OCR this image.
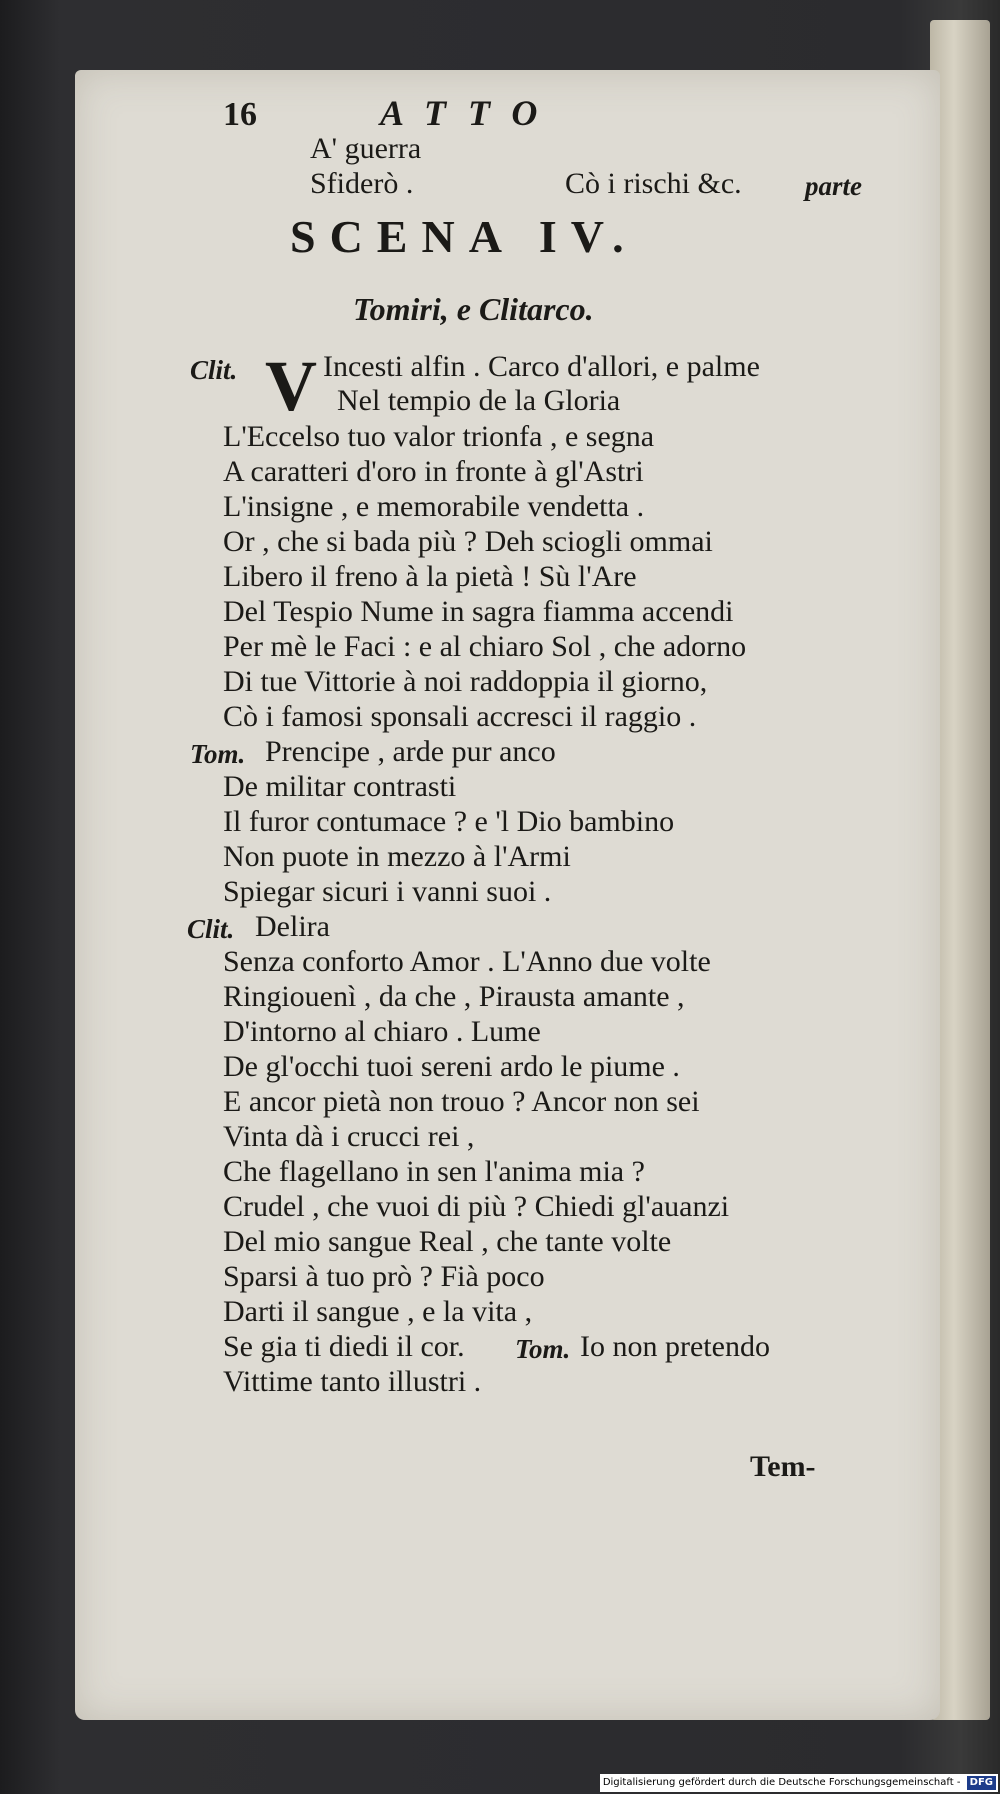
16	ATTO
A' guerra
Sfiderò .	Cò i rischi &c. parte
SCENA IV.
Tomiri, e Clitarco.
Clit. V Incesti alfin . Carco d'allori, e palme
Nel tempio de la Gloria
L'Eccelso tuo valor trionfa , e segna
A caratteri d'oro in fronte à gl'Astri
L'insigne , e memorabile vendetta .
Or , che si bada più ? Deh sciogli ommai
Libero il freno à la pietà ! Sù l'Are
Del Tespio Nume in sagra fiamma accendi
Per mè le Faci : e al chiaro Sol , che adorno
Di tue Vittorie à noi raddoppia il giorno,
Cò i famosi sponsali accresci il raggio .
Tom. Prencipe , arde pur anco
De militar contrasti
Il furor contumace ? e 'l Dio bambino
Non puote in mezzo à l'Armi
Spiegar sicuri i vanni suoi .
Clit. Delira
Senza conforto Amor . L'Anno due volte
Ringiouenì , da che , Pirausta amante ,
D'intorno al chiaro . Lume
De gl'occhi tuoi sereni ardo le piume .
E ancor pietà non trouo ? Ancor non sei
Vinta dà i crucci rei ,
Che flagellano in sen l'anima mia ?
Crudel , che vuoi di più ? Chiedi gl'auanzi
Del mio sangue Real , che tante volte
Sparsi à tuo prò ? Fià poco
Darti il sangue , e la vita ,
Se gia ti diedi il cor. Tom. Io non pretendo
Vittime tanto illustri .
Tem-
Digitalisierung gefördert durch die Deutsche Forschungsgemeinschaft - DFG
